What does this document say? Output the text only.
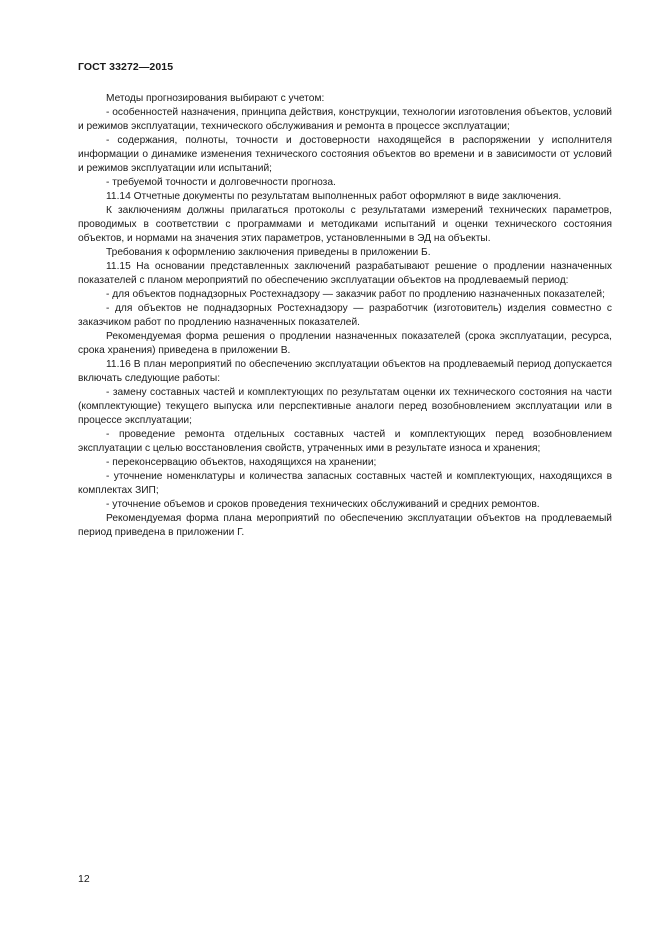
ГОСТ 33272—2015

Методы прогнозирования выбирают с учетом:

- особенностей назначения, принципа действия, конструкции, технологии изготовления объектов, условий и режимов эксплуатации, технического обслуживания и ремонта в процессе эксплуатации;

- содержания, полноты, точности и достоверности находящейся в распоряжении у исполнителя информации о динамике изменения технического состояния объектов во времени и в зависимости от условий и режимов эксплуатации или испытаний;

- требуемой точности и долговечности прогноза.

11.14 Отчетные документы по результатам выполненных работ оформляют в виде заключения.

К заключениям должны прилагаться протоколы с результатами измерений технических параметров, проводимых в соответствии с программами и методиками испытаний и оценки технического состояния объектов, и нормами на значения этих параметров, установленными в ЭД на объекты.

Требования к оформлению заключения приведены в приложении Б.

11.15 На основании представленных заключений разрабатывают решение о продлении назначенных показателей с планом мероприятий по обеспечению эксплуатации объектов на продлеваемый период:

- для объектов поднадзорных Ростехнадзору — заказчик работ по продлению назначенных показателей;

- для объектов не поднадзорных Ростехнадзору — разработчик (изготовитель) изделия совместно с заказчиком работ по продлению назначенных показателей.

Рекомендуемая форма решения о продлении назначенных показателей (срока эксплуатации, ресурса, срока хранения) приведена в приложении В.

11.16 В план мероприятий по обеспечению эксплуатации объектов на продлеваемый период допускается включать следующие работы:

- замену составных частей и комплектующих по результатам оценки их технического состояния на части (комплектующие) текущего выпуска или перспективные аналоги перед возобновлением эксплуатации или в процессе эксплуатации;

- проведение ремонта отдельных составных частей и комплектующих перед возобновлением эксплуатации с целью восстановления свойств, утраченных ими в результате износа и хранения;

- переконсервацию объектов, находящихся на хранении;

- уточнение номенклатуры и количества запасных составных частей и комплектующих, находящихся в комплектах ЗИП;

- уточнение объемов и сроков проведения технических обслуживаний и средних ремонтов.

Рекомендуемая форма плана мероприятий по обеспечению эксплуатации объектов на продлеваемый период приведена в приложении Г.

12
